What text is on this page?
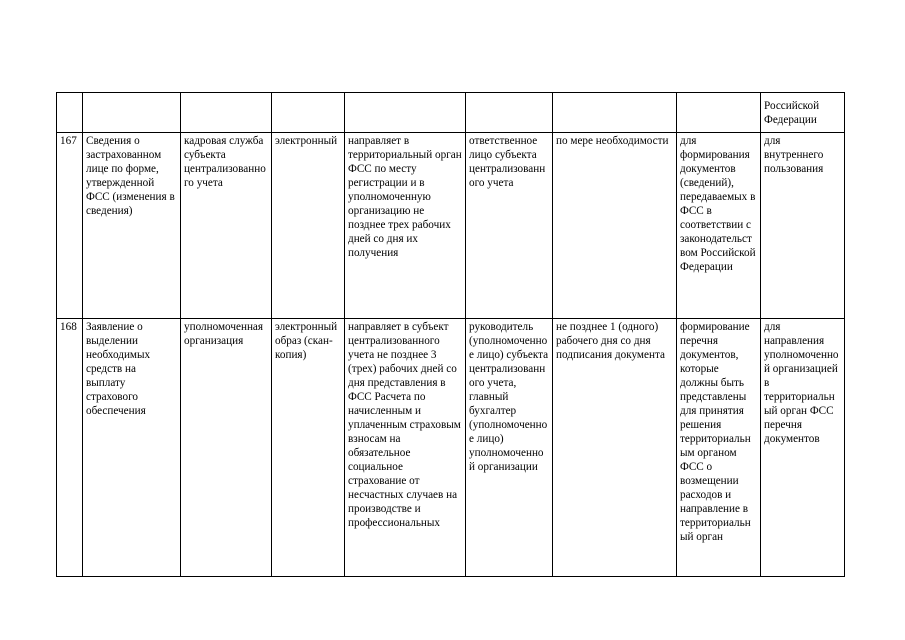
								Российской Федерации

167	Сведения о застрахованном лице по форме, утвержденной ФСС (изменения в сведения)	кадровая служба субъекта централизованного учета	электронный	направляет в территориальный орган ФСС по месту регистрации и в уполномоченную организацию не позднее трех рабочих дней со дня их получения	ответственное лицо субъекта централизованного учета	по мере необходимости	для формирования документов (сведений), передаваемых в ФСС в соответствии с законодательством Российской Федерации	для внутреннего пользования

168	Заявление о выделении необходимых средств на выплату страхового обеспечения	уполномоченная организация	электронный образ (скан-копия)	направляет в субъект централизованного учета не позднее 3 (трех) рабочих дней со дня представления в ФСС Расчета по начисленным и уплаченным страховым взносам на обязательное социальное страхование от несчастных случаев на производстве и профессиональных	руководитель (уполномоченное лицо) субъекта централизованного учета, главный бухгалтер (уполномоченное лицо) уполномоченной организации	не позднее 1 (одного) рабочего дня со дня подписания документа	формирование перечня документов, которые должны быть представлены для принятия решения территориальным органом ФСС о возмещении расходов и направление в территориальный орган	для направления уполномоченной организацией в территориальный орган ФСС перечня документов
